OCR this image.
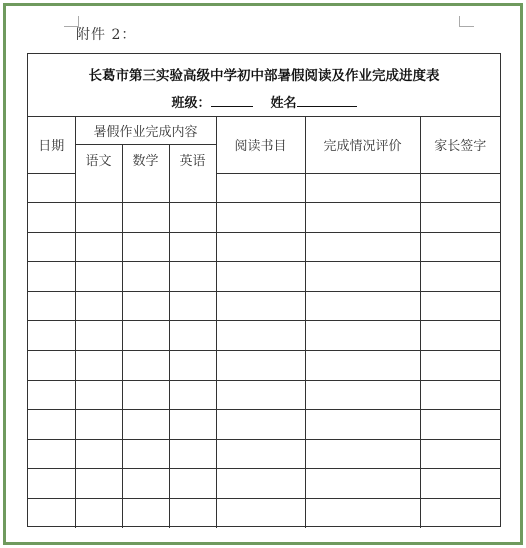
附件 2：
长葛市第三实验高级中学初中部暑假阅读及作业完成进度表
班级：	姓名
日期	暑假作业完成内容			阅读书目	完成情况评价	家长签字
	语文	数学	英语			
